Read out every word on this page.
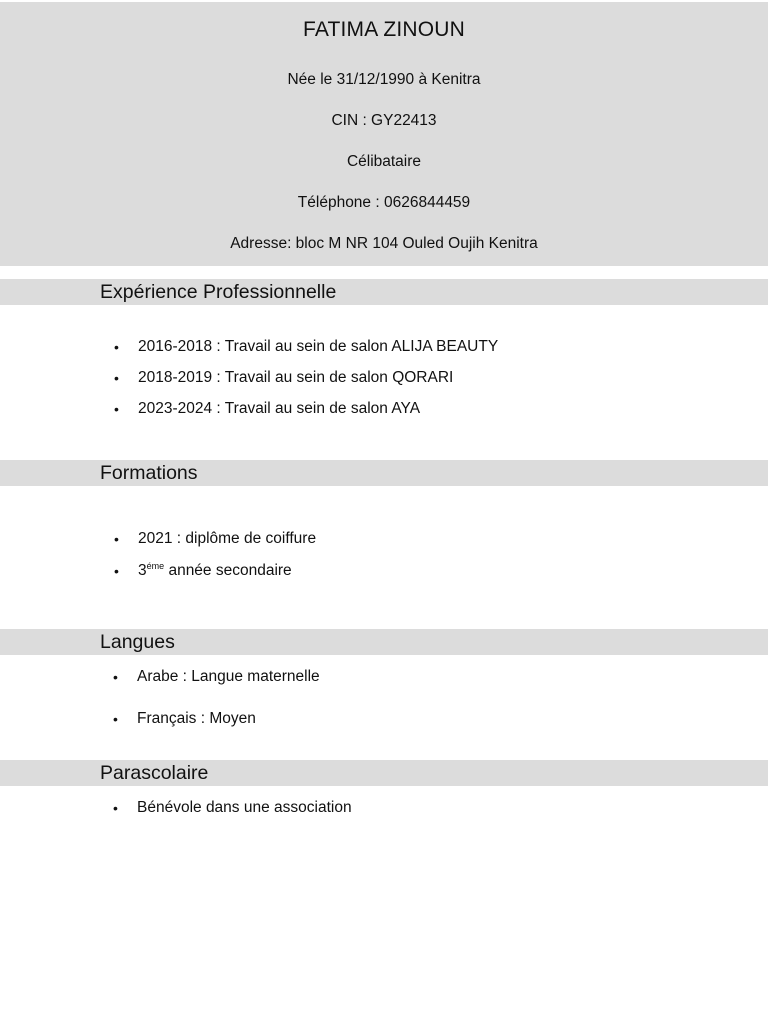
FATIMA ZINOUN
Née le 31/12/1990 à Kenitra
CIN : GY22413
Célibataire
Téléphone : 0626844459
Adresse: bloc M NR 104 Ouled Oujih Kenitra
Expérience Professionnelle
• 2016-2018 : Travail au sein de salon ALIJA BEAUTY
• 2018-2019 : Travail au sein de salon QORARI
• 2023-2024 : Travail au sein de salon AYA
Formations
• 2021 : diplôme de coiffure
• $3^{éme}$ année secondaire
Langues
• Arabe : Langue maternelle
• Français : Moyen
Parascolaire
• Bénévole dans une association
